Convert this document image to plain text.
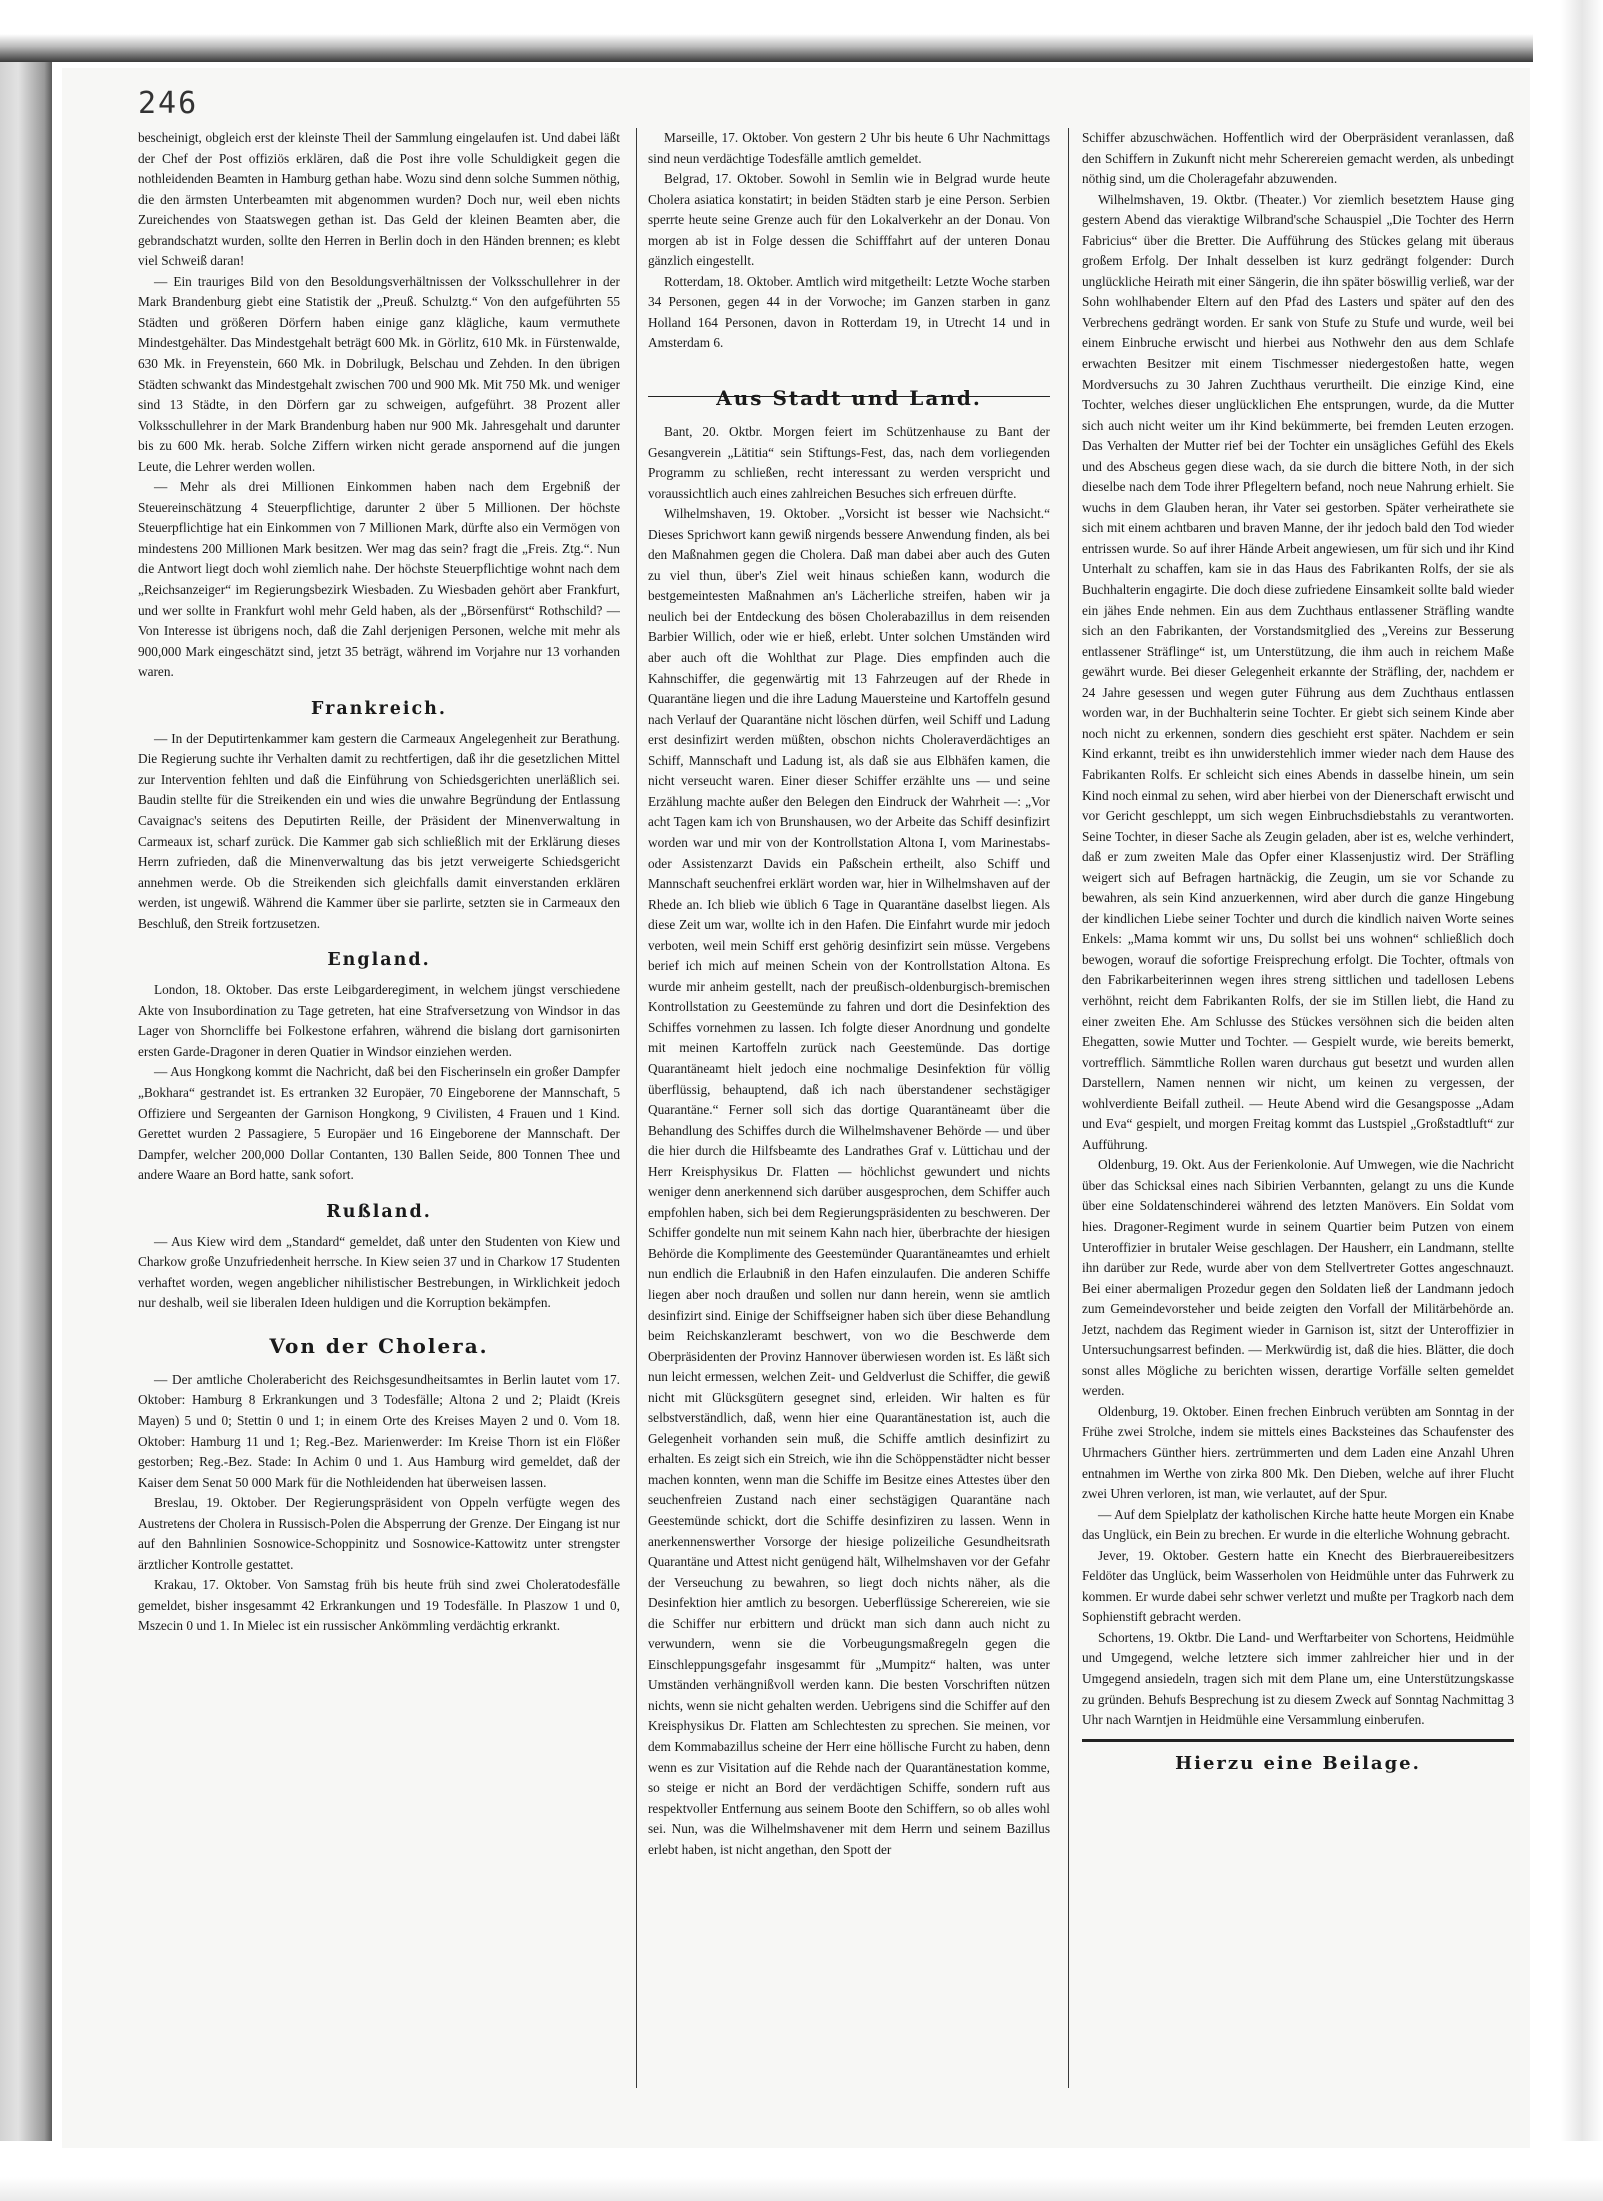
246

bescheinigt, obgleich erst der kleinste Theil der Sammlung eingelaufen ist. Und dabei läßt der Chef der Post offiziös erklären, daß die Post ihre volle Schuldigkeit gegen die nothleidenden Beamten in Hamburg gethan habe. Wozu sind denn solche Summen nöthig, die den ärmsten Unterbeamten mit abgenommen wurden? Doch nur, weil eben nichts Zureichendes von Staatswegen gethan ist. Das Geld der kleinen Beamten aber, die gebrandschatzt wurden, sollte den Herren in Berlin doch in den Händen brennen; es klebt viel Schweiß daran!

— Ein trauriges Bild von den Besoldungsverhältnissen der Volksschullehrer in der Mark Brandenburg giebt eine Statistik der „Preuß. Schulztg.“ Von den aufgeführten 55 Städten und größeren Dörfern haben einige ganz klägliche, kaum vermuthete Mindestgehälter. Das Mindestgehalt beträgt 600 Mk. in Görlitz, 610 Mk. in Fürstenwalde, 630 Mk. in Freyenstein, 660 Mk. in Dobrilugk, Belschau und Zehden. In den übrigen Städten schwankt das Mindestgehalt zwischen 700 und 900 Mk. Mit 750 Mk. und weniger sind 13 Städte, in den Dörfern gar zu schweigen, aufgeführt. 38 Prozent aller Volksschullehrer in der Mark Brandenburg haben nur 900 Mk. Jahresgehalt und darunter bis zu 600 Mk. herab. Solche Ziffern wirken nicht gerade anspornend auf die jungen Leute, die Lehrer werden wollen.

— Mehr als drei Millionen Einkommen haben nach dem Ergebniß der Steuereinschätzung 4 Steuerpflichtige, darunter 2 über 5 Millionen. Der höchste Steuerpflichtige hat ein Einkommen von 7 Millionen Mark, dürfte also ein Vermögen von mindestens 200 Millionen Mark besitzen. Wer mag das sein? fragt die „Freis. Ztg.“. Nun die Antwort liegt doch wohl ziemlich nahe. Der höchste Steuerpflichtige wohnt nach dem „Reichsanzeiger“ im Regierungsbezirk Wiesbaden. Zu Wiesbaden gehört aber Frankfurt, und wer sollte in Frankfurt wohl mehr Geld haben, als der „Börsenfürst“ Rothschild? — Von Interesse ist übrigens noch, daß die Zahl derjenigen Personen, welche mit mehr als 900,000 Mark eingeschätzt sind, jetzt 35 beträgt, während im Vorjahre nur 13 vorhanden waren.

Frankreich.

— In der Deputirtenkammer kam gestern die Carmeaux Angelegenheit zur Berathung. Die Regierung suchte ihr Verhalten damit zu rechtfertigen, daß ihr die gesetzlichen Mittel zur Intervention fehlten und daß die Einführung von Schiedsgerichten unerläßlich sei. Baudin stellte für die Streikenden ein und wies die unwahre Begründung der Entlassung Cavaignac's seitens des Deputirten Reille, der Präsident der Minenverwaltung in Carmeaux ist, scharf zurück. Die Kammer gab sich schließlich mit der Erklärung dieses Herrn zufrieden, daß die Minenverwaltung das bis jetzt verweigerte Schiedsgericht annehmen werde. Ob die Streikenden sich gleichfalls damit einverstanden erklären werden, ist ungewiß. Während die Kammer über sie parlirte, setzten sie in Carmeaux den Beschluß, den Streik fortzusetzen.

England.

London, 18. Oktober. Das erste Leibgarderegiment, in welchem jüngst verschiedene Akte von Insubordination zu Tage getreten, hat eine Strafversetzung von Windsor in das Lager von Shorncliffe bei Folkestone erfahren, während die bislang dort garnisonirten ersten Garde-Dragoner in deren Quatier in Windsor einziehen werden.

— Aus Hongkong kommt die Nachricht, daß bei den Fischerinseln ein großer Dampfer „Bokhara“ gestrandet ist. Es ertranken 32 Europäer, 70 Eingeborene der Mannschaft, 5 Offiziere und Sergeanten der Garnison Hongkong, 9 Civilisten, 4 Frauen und 1 Kind. Gerettet wurden 2 Passagiere, 5 Europäer und 16 Eingeborene der Mannschaft. Der Dampfer, welcher 200,000 Dollar Contanten, 130 Ballen Seide, 800 Tonnen Thee und andere Waare an Bord hatte, sank sofort.

Rußland.

— Aus Kiew wird dem „Standard“ gemeldet, daß unter den Studenten von Kiew und Charkow große Unzufriedenheit herrsche. In Kiew seien 37 und in Charkow 17 Studenten verhaftet worden, wegen angeblicher nihilistischer Bestrebungen, in Wirklichkeit jedoch nur deshalb, weil sie liberalen Ideen huldigen und die Korruption bekämpfen.

Von der Cholera.

— Der amtliche Cholerabericht des Reichsgesundheitsamtes in Berlin lautet vom 17. Oktober: Hamburg 8 Erkrankungen und 3 Todesfälle; Altona 2 und 2; Plaidt (Kreis Mayen) 5 und 0; Stettin 0 und 1; in einem Orte des Kreises Mayen 2 und 0. Vom 18. Oktober: Hamburg 11 und 1; Reg.-Bez. Marienwerder: Im Kreise Thorn ist ein Flößer gestorben; Reg.-Bez. Stade: In Achim 0 und 1. Aus Hamburg wird gemeldet, daß der Kaiser dem Senat 50 000 Mark für die Nothleidenden hat überweisen lassen.

Breslau, 19. Oktober. Der Regierungspräsident von Oppeln verfügte wegen des Austretens der Cholera in Russisch-Polen die Absperrung der Grenze. Der Eingang ist nur auf den Bahnlinien Sosnowice-Schoppinitz und Sosnowice-Kattowitz unter strengster ärztlicher Kontrolle gestattet.

Krakau, 17. Oktober. Von Samstag früh bis heute früh sind zwei Choleratodesfälle gemeldet, bisher insgesammt 42 Erkrankungen und 19 Todesfälle. In Plaszow 1 und 0, Mszecin 0 und 1. In Mielec ist ein russischer Ankömmling verdächtig erkrankt.

Marseille, 17. Oktober. Von gestern 2 Uhr bis heute 6 Uhr Nachmittags sind neun verdächtige Todesfälle amtlich gemeldet.

Belgrad, 17. Oktober. Sowohl in Semlin wie in Belgrad wurde heute Cholera asiatica konstatirt; in beiden Städten starb je eine Person. Serbien sperrte heute seine Grenze auch für den Lokalverkehr an der Donau. Von morgen ab ist in Folge dessen die Schifffahrt auf der unteren Donau gänzlich eingestellt.

Rotterdam, 18. Oktober. Amtlich wird mitgetheilt: Letzte Woche starben 34 Personen, gegen 44 in der Vorwoche; im Ganzen starben in ganz Holland 164 Personen, davon in Rotterdam 19, in Utrecht 14 und in Amsterdam 6.

Aus Stadt und Land.

Bant, 20. Oktbr. Morgen feiert im Schützenhause zu Bant der Gesangverein „Lätitia“ sein Stiftungs-Fest, das, nach dem vorliegenden Programm zu schließen, recht interessant zu werden verspricht und voraussichtlich auch eines zahlreichen Besuches sich erfreuen dürfte.

Wilhelmshaven, 19. Oktober. „Vorsicht ist besser wie Nachsicht.“ Dieses Sprichwort kann gewiß nirgends bessere Anwendung finden, als bei den Maßnahmen gegen die Cholera. Daß man dabei aber auch des Guten zu viel thun, über's Ziel weit hinaus schießen kann, wodurch die bestgemeintesten Maßnahmen an's Lächerliche streifen, haben wir ja neulich bei der Entdeckung des bösen Cholerabazillus in dem reisenden Barbier Willich, oder wie er hieß, erlebt. Unter solchen Umständen wird aber auch oft die Wohlthat zur Plage. Dies empfinden auch die Kahnschiffer, die gegenwärtig mit 13 Fahrzeugen auf der Rhede in Quarantäne liegen und die ihre Ladung Mauersteine und Kartoffeln gesund nach Verlauf der Quarantäne nicht löschen dürfen, weil Schiff und Ladung erst desinfizirt werden müßten, obschon nichts Choleraverdächtiges an Schiff, Mannschaft und Ladung ist, als daß sie aus Elbhäfen kamen, die nicht verseucht waren. Einer dieser Schiffer erzählte uns — und seine Erzählung machte außer den Belegen den Eindruck der Wahrheit —: „Vor acht Tagen kam ich von Brunshausen, wo der Arbeite das Schiff desinfizirt worden war und mir von der Kontrollstation Altona I, vom Marinestabs- oder Assistenzarzt Davids ein Paßschein ertheilt, also Schiff und Mannschaft seuchenfrei erklärt worden war, hier in Wilhelmshaven auf der Rhede an. Ich blieb wie üblich 6 Tage in Quarantäne daselbst liegen. Als diese Zeit um war, wollte ich in den Hafen. Die Einfahrt wurde mir jedoch verboten, weil mein Schiff erst gehörig desinfizirt sein müsse. Vergebens berief ich mich auf meinen Schein von der Kontrollstation Altona. Es wurde mir anheim gestellt, nach der preußisch-oldenburgisch-bremischen Kontrollstation zu Geestemünde zu fahren und dort die Desinfektion des Schiffes vornehmen zu lassen. Ich folgte dieser Anordnung und gondelte mit meinen Kartoffeln zurück nach Geestemünde. Das dortige Quarantäneamt hielt jedoch eine nochmalige Desinfektion für völlig überflüssig, behauptend, daß ich nach überstandener sechstägiger Quarantäne.“ Ferner soll sich das dortige Quarantäneamt über die Behandlung des Schiffes durch die Wilhelmshavener Behörde — und über die hier durch die Hilfsbeamte des Landrathes Graf v. Lüttichau und der Herr Kreisphysikus Dr. Flatten — höchlichst gewundert und nichts weniger denn anerkennend sich darüber ausgesprochen, dem Schiffer auch empfohlen haben, sich bei dem Regierungspräsidenten zu beschweren. Der Schiffer gondelte nun mit seinem Kahn nach hier, überbrachte der hiesigen Behörde die Komplimente des Geestemünder Quarantäneamtes und erhielt nun endlich die Erlaubniß in den Hafen einzulaufen. Die anderen Schiffe liegen aber noch draußen und sollen nur dann herein, wenn sie amtlich desinfizirt sind. Einige der Schiffseigner haben sich über diese Behandlung beim Reichskanzleramt beschwert, von wo die Beschwerde dem Oberpräsidenten der Provinz Hannover überwiesen worden ist. Es läßt sich nun leicht ermessen, welchen Zeit- und Geldverlust die Schiffer, die gewiß nicht mit Glücksgütern gesegnet sind, erleiden. Wir halten es für selbstverständlich, daß, wenn hier eine Quarantänestation ist, auch die Gelegenheit vorhanden sein muß, die Schiffe amtlich desinfizirt zu erhalten. Es zeigt sich ein Streich, wie ihn die Schöppenstädter nicht besser machen konnten, wenn man die Schiffe im Besitze eines Attestes über den seuchenfreien Zustand nach einer sechstägigen Quarantäne nach Geestemünde schickt, dort die Schiffe desinfiziren zu lassen. Wenn in anerkennenswerther Vorsorge der hiesige polizeiliche Gesundheitsrath Quarantäne und Attest nicht genügend hält, Wilhelmshaven vor der Gefahr der Verseuchung zu bewahren, so liegt doch nichts näher, als die Desinfektion hier amtlich zu besorgen. Ueberflüssige Scherereien, wie sie die Schiffer nur erbittern und drückt man sich dann auch nicht zu verwundern, wenn sie die Vorbeugungsmaßregeln gegen die Einschleppungsgefahr insgesammt für „Mumpitz“ halten, was unter Umständen verhängnißvoll werden kann. Die besten Vorschriften nützen nichts, wenn sie nicht gehalten werden. Uebrigens sind die Schiffer auf den Kreisphysikus Dr. Flatten am Schlechtesten zu sprechen. Sie meinen, vor dem Kommabazillus scheine der Herr eine höllische Furcht zu haben, denn wenn es zur Visitation auf die Rehde nach der Quarantänestation komme, so steige er nicht an Bord der verdächtigen Schiffe, sondern ruft aus respektvoller Entfernung aus seinem Boote den Schiffern, so ob alles wohl sei. Nun, was die Wilhelmshavener mit dem Herrn und seinem Bazillus erlebt haben, ist nicht angethan, den Spott der

Schiffer abzuschwächen. Hoffentlich wird der Oberpräsident veranlassen, daß den Schiffern in Zukunft nicht mehr Scherereien gemacht werden, als unbedingt nöthig sind, um die Choleragefahr abzuwenden.

Wilhelmshaven, 19. Oktbr. (Theater.) Vor ziemlich besetztem Hause ging gestern Abend das vieraktige Wilbrand'sche Schauspiel „Die Tochter des Herrn Fabricius“ über die Bretter. Die Aufführung des Stückes gelang mit überaus großem Erfolg. Der Inhalt desselben ist kurz gedrängt folgender: Durch unglückliche Heirath mit einer Sängerin, die ihn später böswillig verließ, war der Sohn wohlhabender Eltern auf den Pfad des Lasters und später auf den des Verbrechens gedrängt worden. Er sank von Stufe zu Stufe und wurde, weil bei einem Einbruche erwischt und hierbei aus Nothwehr den aus dem Schlafe erwachten Besitzer mit einem Tischmesser niedergestoßen hatte, wegen Mordversuchs zu 30 Jahren Zuchthaus verurtheilt. Die einzige Kind, eine Tochter, welches dieser unglücklichen Ehe entsprungen, wurde, da die Mutter sich auch nicht weiter um ihr Kind bekümmerte, bei fremden Leuten erzogen. Das Verhalten der Mutter rief bei der Tochter ein unsägliches Gefühl des Ekels und des Abscheus gegen diese wach, da sie durch die bittere Noth, in der sich dieselbe nach dem Tode ihrer Pflegeltern befand, noch neue Nahrung erhielt. Sie wuchs in dem Glauben heran, ihr Vater sei gestorben. Später verheirathete sie sich mit einem achtbaren und braven Manne, der ihr jedoch bald den Tod wieder entrissen wurde. So auf ihrer Hände Arbeit angewiesen, um für sich und ihr Kind Unterhalt zu schaffen, kam sie in das Haus des Fabrikanten Rolfs, der sie als Buchhalterin engagirte. Die doch diese zufriedene Einsamkeit sollte bald wieder ein jähes Ende nehmen. Ein aus dem Zuchthaus entlassener Sträfling wandte sich an den Fabrikanten, der Vorstandsmitglied des „Vereins zur Besserung entlassener Sträflinge“ ist, um Unterstützung, die ihm auch in reichem Maße gewährt wurde. Bei dieser Gelegenheit erkannte der Sträfling, der, nachdem er 24 Jahre gesessen und wegen guter Führung aus dem Zuchthaus entlassen worden war, in der Buchhalterin seine Tochter. Er giebt sich seinem Kinde aber noch nicht zu erkennen, sondern dies geschieht erst später. Nachdem er sein Kind erkannt, treibt es ihn unwiderstehlich immer wieder nach dem Hause des Fabrikanten Rolfs. Er schleicht sich eines Abends in dasselbe hinein, um sein Kind noch einmal zu sehen, wird aber hierbei von der Dienerschaft erwischt und vor Gericht geschleppt, um sich wegen Einbruchsdiebstahls zu verantworten. Seine Tochter, in dieser Sache als Zeugin geladen, aber ist es, welche verhindert, daß er zum zweiten Male das Opfer einer Klassenjustiz wird. Der Sträfling weigert sich auf Befragen hartnäckig, die Zeugin, um sie vor Schande zu bewahren, als sein Kind anzuerkennen, wird aber durch die ganze Hingebung der kindlichen Liebe seiner Tochter und durch die kindlich naiven Worte seines Enkels: „Mama kommt wir uns, Du sollst bei uns wohnen“ schließlich doch bewogen, worauf die sofortige Freisprechung erfolgt. Die Tochter, oftmals von den Fabrikarbeiterinnen wegen ihres streng sittlichen und tadellosen Lebens verhöhnt, reicht dem Fabrikanten Rolfs, der sie im Stillen liebt, die Hand zu einer zweiten Ehe. Am Schlusse des Stückes versöhnen sich die beiden alten Ehegatten, sowie Mutter und Tochter. — Gespielt wurde, wie bereits bemerkt, vortrefflich. Sämmtliche Rollen waren durchaus gut besetzt und wurden allen Darstellern, Namen nennen wir nicht, um keinen zu vergessen, der wohlverdiente Beifall zutheil. — Heute Abend wird die Gesangsposse „Adam und Eva“ gespielt, und morgen Freitag kommt das Lustspiel „Großstadtluft“ zur Aufführung.

Oldenburg, 19. Okt. Aus der Ferienkolonie. Auf Umwegen, wie die Nachricht über das Schicksal eines nach Sibirien Verbannten, gelangt zu uns die Kunde über eine Soldatenschinderei während des letzten Manövers. Ein Soldat vom hies. Dragoner-Regiment wurde in seinem Quartier beim Putzen von einem Unteroffizier in brutaler Weise geschlagen. Der Hausherr, ein Landmann, stellte ihn darüber zur Rede, wurde aber von dem Stellvertreter Gottes angeschnauzt. Bei einer abermaligen Prozedur gegen den Soldaten ließ der Landmann jedoch zum Gemeindevorsteher und beide zeigten den Vorfall der Militärbehörde an. Jetzt, nachdem das Regiment wieder in Garnison ist, sitzt der Unteroffizier in Untersuchungsarrest befinden. — Merkwürdig ist, daß die hies. Blätter, die doch sonst alles Mögliche zu berichten wissen, derartige Vorfälle selten gemeldet werden.

Oldenburg, 19. Oktober. Einen frechen Einbruch verübten am Sonntag in der Frühe zwei Strolche, indem sie mittels eines Backsteines das Schaufenster des Uhrmachers Günther hiers. zertrümmerten und dem Laden eine Anzahl Uhren entnahmen im Werthe von zirka 800 Mk. Den Dieben, welche auf ihrer Flucht zwei Uhren verloren, ist man, wie verlautet, auf der Spur.

— Auf dem Spielplatz der katholischen Kirche hatte heute Morgen ein Knabe das Unglück, ein Bein zu brechen. Er wurde in die elterliche Wohnung gebracht.

Jever, 19. Oktober. Gestern hatte ein Knecht des Bierbrauereibesitzers Feldöter das Unglück, beim Wasserholen von Heidmühle unter das Fuhrwerk zu kommen. Er wurde dabei sehr schwer verletzt und mußte per Tragkorb nach dem Sophienstift gebracht werden.

Schortens, 19. Oktbr. Die Land- und Werftarbeiter von Schortens, Heidmühle und Umgegend, welche letztere sich immer zahlreicher hier und in der Umgegend ansiedeln, tragen sich mit dem Plane um, eine Unterstützungskasse zu gründen. Behufs Besprechung ist zu diesem Zweck auf Sonntag Nachmittag 3 Uhr nach Warntjen in Heidmühle eine Versammlung einberufen.

Hierzu eine Beilage.
